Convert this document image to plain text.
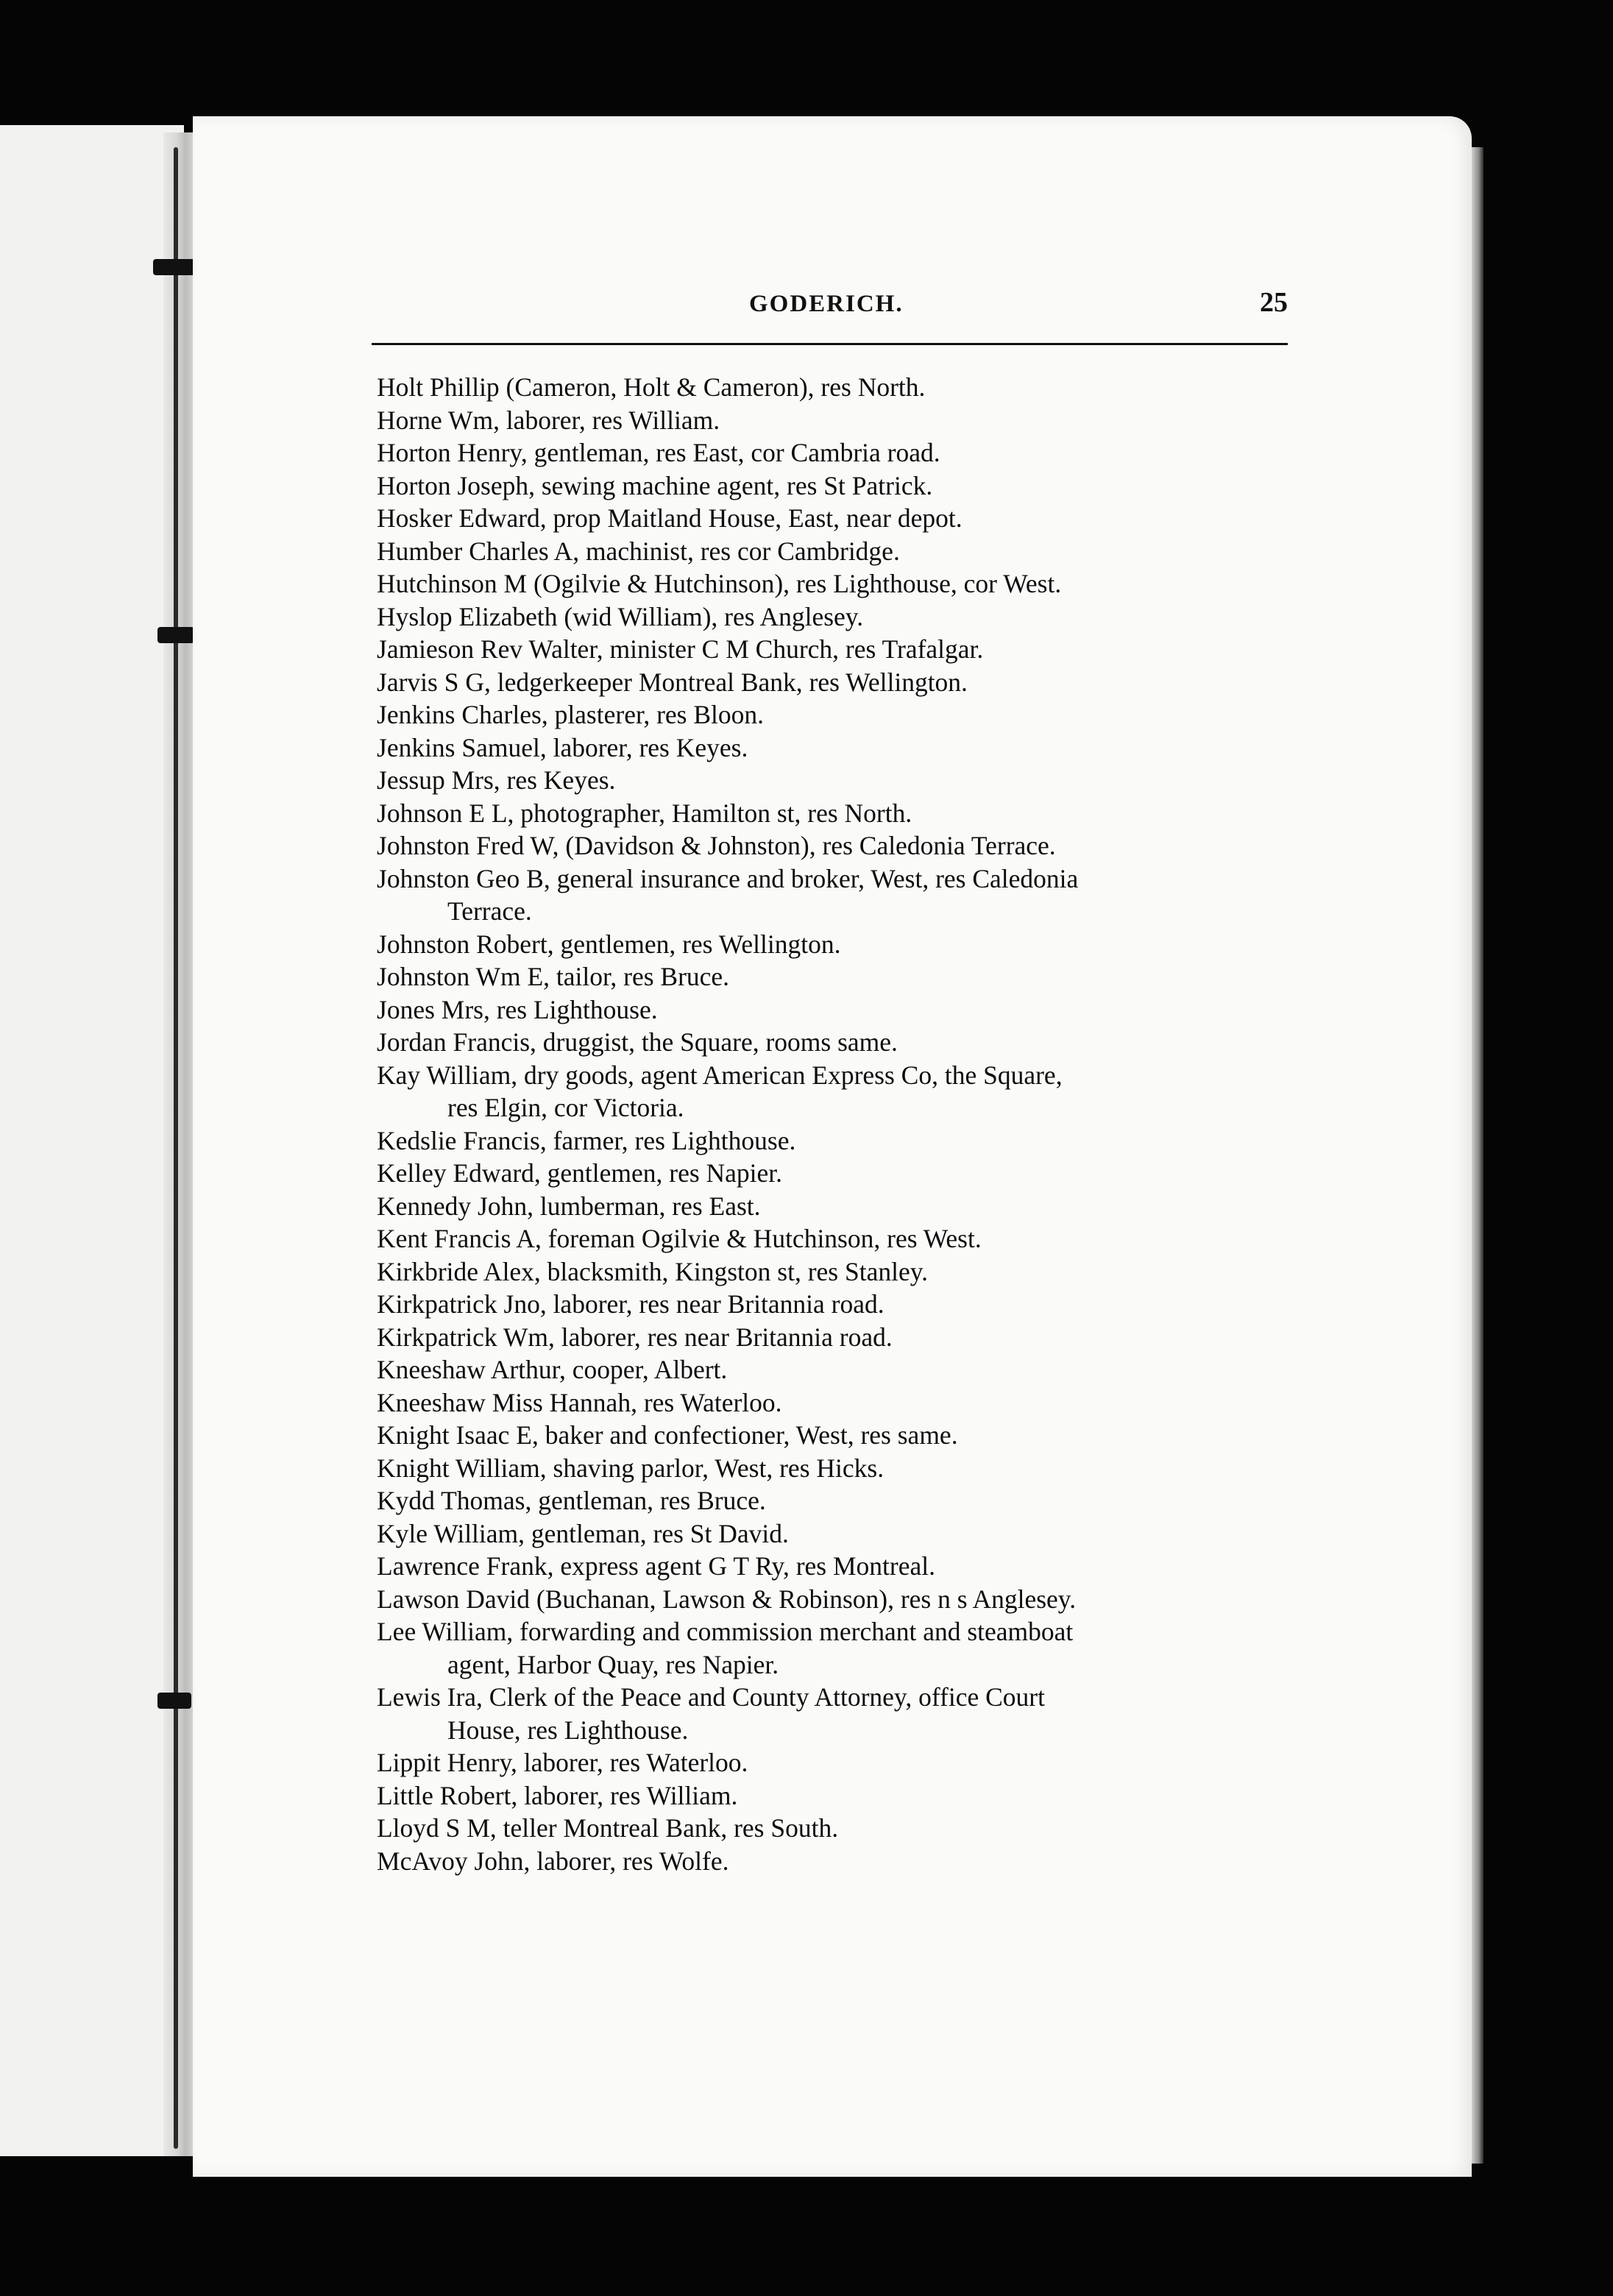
GODERICH.	25
Holt Phillip (Cameron, Holt & Cameron), res North.
Horne Wm, laborer, res William.
Horton Henry, gentleman, res East, cor Cambria road.
Horton Joseph, sewing machine agent, res St Patrick.
Hosker Edward, prop Maitland House, East, near depot.
Humber Charles A, machinist, res cor Cambridge.
Hutchinson M (Ogilvie & Hutchinson), res Lighthouse, cor West.
Hyslop Elizabeth (wid William), res Anglesey.
Jamieson Rev Walter, minister C M Church, res Trafalgar.
Jarvis S G, ledgerkeeper Montreal Bank, res Wellington.
Jenkins Charles, plasterer, res Bloon.
Jenkins Samuel, laborer, res Keyes.
Jessup Mrs, res Keyes.
Johnson E L, photographer, Hamilton st, res North.
Johnston Fred W, (Davidson & Johnston), res Caledonia Terrace.
Johnston Geo B, general insurance and broker, West, res Caledonia
Terrace.
Johnston Robert, gentlemen, res Wellington.
Johnston Wm E, tailor, res Bruce.
Jones Mrs, res Lighthouse.
Jordan Francis, druggist, the Square, rooms same.
Kay William, dry goods, agent American Express Co, the Square,
res Elgin, cor Victoria.
Kedslie Francis, farmer, res Lighthouse.
Kelley Edward, gentlemen, res Napier.
Kennedy John, lumberman, res East.
Kent Francis A, foreman Ogilvie & Hutchinson, res West.
Kirkbride Alex, blacksmith, Kingston st, res Stanley.
Kirkpatrick Jno, laborer, res near Britannia road.
Kirkpatrick Wm, laborer, res near Britannia road.
Kneeshaw Arthur, cooper, Albert.
Kneeshaw Miss Hannah, res Waterloo.
Knight Isaac E, baker and confectioner, West, res same.
Knight William, shaving parlor, West, res Hicks.
Kydd Thomas, gentleman, res Bruce.
Kyle William, gentleman, res St David.
Lawrence Frank, express agent G T Ry, res Montreal.
Lawson David (Buchanan, Lawson & Robinson), res n s Anglesey.
Lee William, forwarding and commission merchant and steamboat
agent, Harbor Quay, res Napier.
Lewis Ira, Clerk of the Peace and County Attorney, office Court
House, res Lighthouse.
Lippit Henry, laborer, res Waterloo.
Little Robert, laborer, res William.
Lloyd S M, teller Montreal Bank, res South.
McAvoy John, laborer, res Wolfe.
